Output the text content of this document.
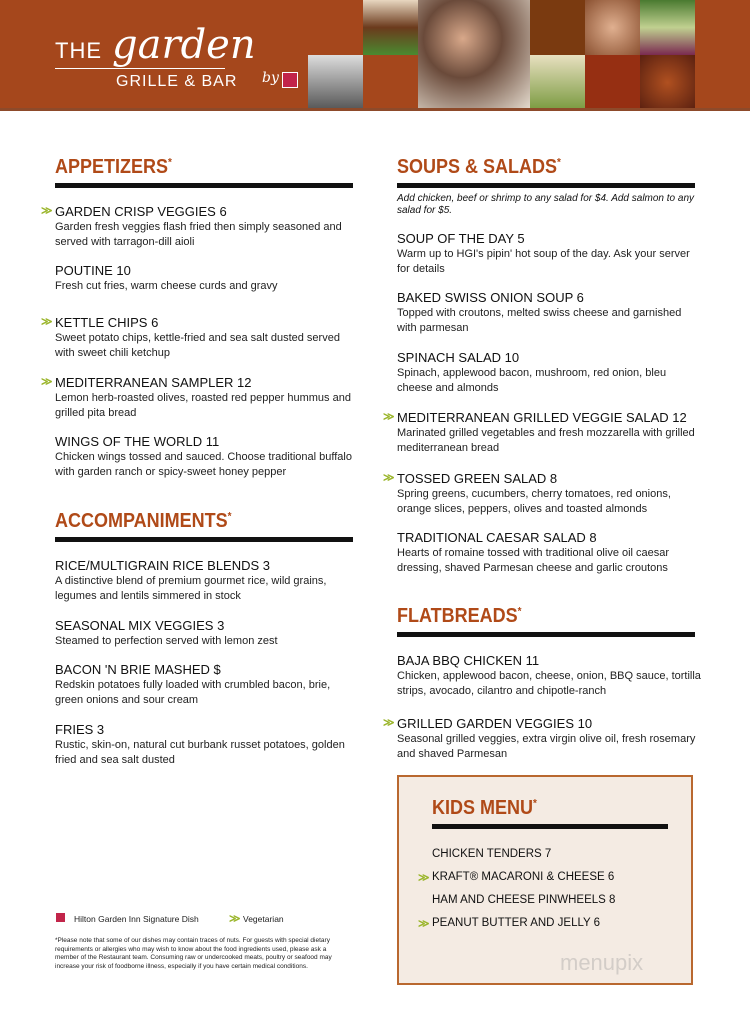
THE garden
GRILLE & BAR by
APPETIZERS*
≫ GARDEN CRISP VEGGIES 6
Garden fresh veggies flash fried then simply seasoned and served with tarragon-dill aioli
POUTINE 10
Fresh cut fries, warm cheese curds and gravy
≫ KETTLE CHIPS 6
Sweet potato chips, kettle-fried and sea salt dusted served with sweet chili ketchup
≫ MEDITERRANEAN SAMPLER 12
Lemon herb-roasted olives, roasted red pepper hummus and grilled pita bread
WINGS OF THE WORLD 11
Chicken wings tossed and sauced. Choose traditional buffalo with garden ranch or spicy-sweet honey pepper
ACCOMPANIMENTS*
RICE/MULTIGRAIN RICE BLENDS 3
A distinctive blend of premium gourmet rice, wild grains, legumes and lentils simmered in stock
SEASONAL MIX VEGGIES 3
Steamed to perfection served with lemon zest
BACON 'N BRIE MASHED $
Redskin potatoes fully loaded with crumbled bacon, brie, green onions and sour cream
FRIES 3
Rustic, skin-on, natural cut burbank russet potatoes, golden fried and sea salt dusted
SOUPS & SALADS*
SOUP OF THE DAY 5
Warm up to HGI's pipin' hot soup of the day. Ask your server for details
BAKED SWISS ONION SOUP 6
Topped with croutons, melted swiss cheese and garnished with parmesan
SPINACH SALAD 10
Spinach, applewood bacon, mushroom, red onion, bleu cheese and almonds
≫ MEDITERRANEAN GRILLED VEGGIE SALAD 12
Marinated grilled vegetables and fresh mozzarella with grilled mediterranean bread
≫ TOSSED GREEN SALAD 8
Spring greens, cucumbers, cherry tomatoes, red onions, orange slices, peppers, olives and toasted almonds
TRADITIONAL CAESAR SALAD 8
Hearts of romaine tossed with traditional olive oil caesar dressing, shaved Parmesan cheese and garlic croutons
FLATBREADS*
BAJA BBQ CHICKEN 11
Chicken, applewood bacon, cheese, onion, BBQ sauce, tortilla strips, avocado, cilantro and chipotle-ranch
≫ GRILLED GARDEN VEGGIES 10
Seasonal grilled veggies, extra virgin olive oil, fresh rosemary and shaved Parmesan
Add chicken, beef or shrimp to any salad for $4. Add salmon to any salad for $5.
KIDS MENU*
CHICKEN TENDERS 7
≫ KRAFT® MACARONI & CHEESE 6
HAM AND CHEESE PINWHEELS 8
≫ PEANUT BUTTER AND JELLY 6
Hilton Garden Inn Signature Dish	≫ Vegetarian
*Please note that some of our dishes may contain traces of nuts. For guests with special dietary requirements or allergies who may wish to know about the food ingredients used, please ask a member of the Restaurant team. Consuming raw or undercooked meats, poultry or seafood may increase your risk of foodborne illness, especially if you have certain medical conditions.	menupix
